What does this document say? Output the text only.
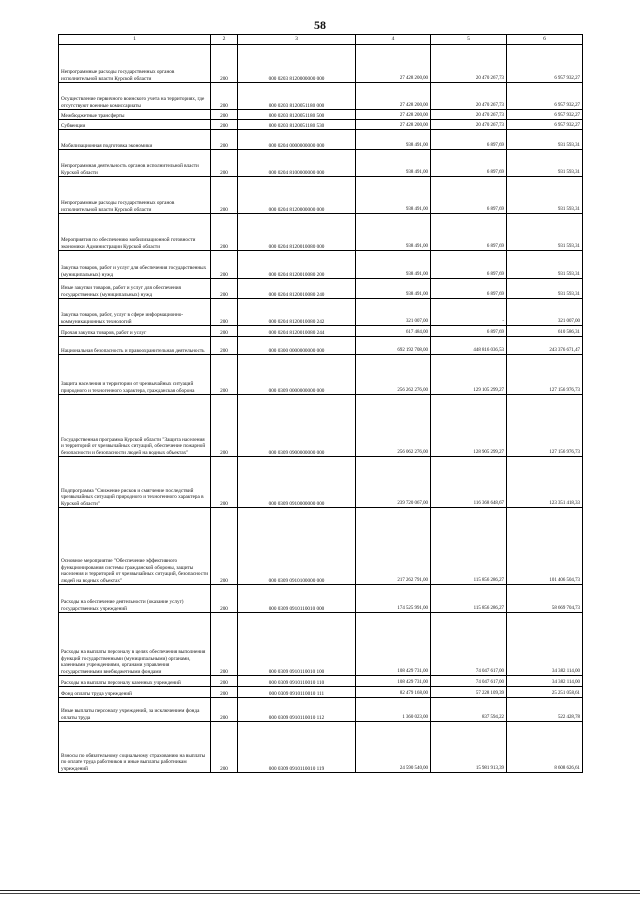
58
1	2	3	4	5	6
Непрограммные расходы государственных органов исполнительной власти Курской области	200	000 0203 8120000000 000	27 428 200,00	20 470 267,73	6 957 932,27
Осуществление первичного воинского учета на территориях, где отсутствуют военные комиссариаты	200	000 0203 8120051180 000	27 428 200,00	20 470 267,73	6 957 932,27
Межбюджетные трансферты	200	000 0203 8120051180 500	27 428 200,00	20 470 267,73	6 957 932,27
Субвенции	200	000 0203 8120051180 530	27 428 200,00	20 470 267,73	6 957 932,27
Мобилизационная подготовка экономики	200	000 0204 0000000000 000	938 491,00	6 897,69	931 593,31
Непрограммная деятельность органов исполнительной власти Курской области	200	000 0204 8100000000 000	938 491,00	6 897,69	931 593,31
Непрограммные расходы государственных органов исполнительной власти Курской области	200	000 0204 8120000000 000	938 491,00	6 897,69	931 593,31
Мероприятия по обеспечению мобилизационной готовности экономики Администрации Курской области	200	000 0204 8120010080 000	938 491,00	6 897,69	931 593,31
Закупка товаров, работ и услуг для обеспечения государственных (муниципальных) нужд	200	000 0204 8120010080 200	938 491,00	6 897,69	931 593,31
Иные закупки товаров, работ и услуг для обеспечения государственных (муниципальных) нужд	200	000 0204 8120010080 240	938 491,00	6 897,69	931 593,31
Закупка товаров, работ, услуг в сфере информационно-коммуникационных технологий	200	000 0204 8120010080 242	321 007,00	-	321 007,00
Прочая закупка товаров, работ и услуг	200	000 0204 8120010080 244	617 484,00	6 897,69	610 586,31
Национальная безопасность и правоохранительная деятельность	200	000 0300 0000000000 000	692 192 708,00	448 816 036,53	243 376 671,47
Защита населения и территории от чрезвычайных ситуаций природного и техногенного характера, гражданская оборона	200	000 0309 0000000000 000	256 262 276,00	129 105 299,27	127 156 976,73
Государственная программа Курской области "Защита населения и территорий от чрезвычайных ситуаций, обеспечение пожарной безопасности и безопасности людей на водных объектах"	200	000 0309 0900000000 000	256 062 276,00	128 905 299,27	127 156 976,73
Подпрограмма "Снижение рисков и смягчение последствий чрезвычайных ситуаций природного и техногенного характера в Курской области"	200	000 0309 0910000000 000	239 720 067,00	116 368 648,67	123 351 418,33
Основное мероприятие "Обеспечение эффективного функционирования системы гражданской обороны, защиты населения и территорий от чрезвычайных ситуаций, безопасности людей на водных объектах"	200	000 0309 0910100000 000	217 262 791,00	115 856 286,27	101 406 504,73
Расходы на обеспечение деятельности (оказание услуг) государственных учреждений	200	000 0309 0910110010 000	174 525 991,00	115 856 286,27	58 669 704,73
Расходы на выплаты персоналу в целях обеспечения выполнения функций государственными (муниципальными) органами, казенными учреждениями, органами управления государственными внебюджетными фондами	200	000 0309 0910110010 100	108 429 731,00	74 047 617,00	34 382 114,00
Расходы на выплаты персоналу казенных учреждений	200	000 0309 0910110010 110	108 429 731,00	74 047 617,00	34 382 114,00
Фонд оплаты труда учреждений	200	000 0309 0910110010 111	82 479 168,00	57 228 109,39	25 251 058,61
Иные выплаты персоналу учреждений, за исключением фонда оплаты труда	200	000 0309 0910110010 112	1 360 023,00	837 594,22	522 428,78
Взносы по обязательному социальному страхованию на выплаты по оплате труда работников и иные выплаты работникам учреждений	200	000 0309 0910110010 119	24 590 540,00	15 981 913,39	8 608 626,61
